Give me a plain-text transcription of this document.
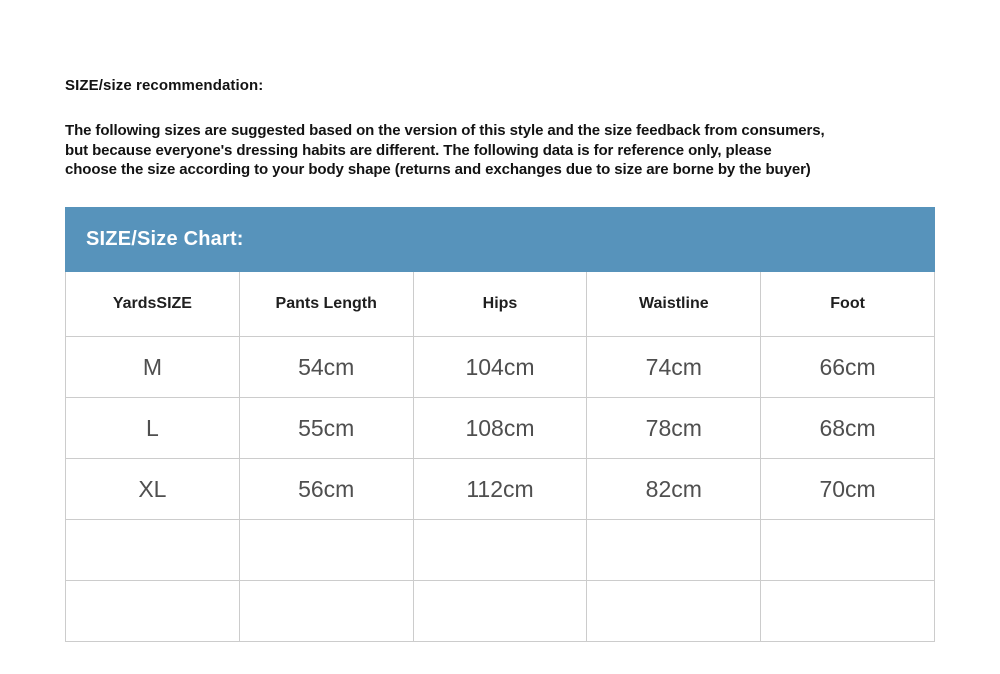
SIZE/size recommendation:
The following sizes are suggested based on the version of this style and the size feedback from consumers,
but because everyone's dressing habits are different. The following data is for reference only, please
choose the size according to your body shape (returns and exchanges due to size are borne by the buyer)
SIZE/Size Chart:
YardsSIZE	Pants Length	Hips	Waistline	Foot
M	54cm	104cm	74cm	66cm
L	55cm	108cm	78cm	68cm
XL	56cm	112cm	82cm	70cm
